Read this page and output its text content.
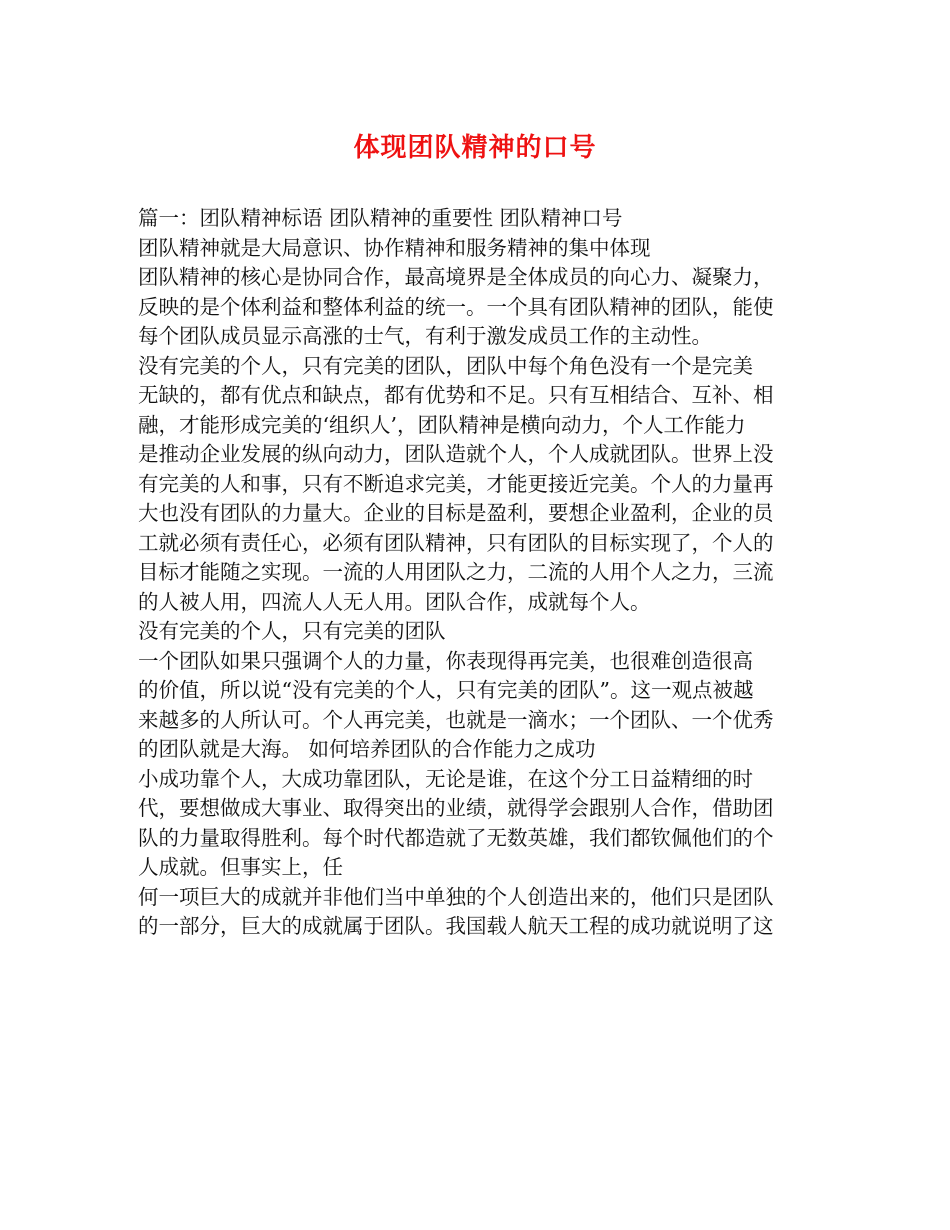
体现团队精神的口号
篇一：团队精神标语 团队精神的重要性 团队精神口号
团队精神就是大局意识、协作精神和服务精神的集中体现
团队精神的核心是协同合作，最高境界是全体成员的向心力、凝聚力，
反映的是个体利益和整体利益的统一。一个具有团队精神的团队，能使
每个团队成员显示高涨的士气，有利于激发成员工作的主动性。
没有完美的个人，只有完美的团队，团队中每个角色没有一个是完美
无缺的，都有优点和缺点，都有优势和不足。只有互相结合、互补、相
融，才能形成完美的‘组织人’，团队精神是横向动力，个人工作能力
是推动企业发展的纵向动力，团队造就个人，个人成就团队。世界上没
有完美的人和事，只有不断追求完美，才能更接近完美。个人的力量再
大也没有团队的力量大。企业的目标是盈利，要想企业盈利，企业的员
工就必须有责任心，必须有团队精神，只有团队的目标实现了，个人的
目标才能随之实现。一流的人用团队之力，二流的人用个人之力，三流
的人被人用，四流人人无人用。团队合作，成就每个人。
没有完美的个人，只有完美的团队
一个团队如果只强调个人的力量，你表现得再完美，也很难创造很高
的价值，所以说“没有完美的个人，只有完美的团队”。这一观点被越
来越多的人所认可。个人再完美，也就是一滴水；一个团队、一个优秀
的团队就是大海。 如何培养团队的合作能力之成功
小成功靠个人，大成功靠团队，无论是谁，在这个分工日益精细的时
代，要想做成大事业、取得突出的业绩，就得学会跟别人合作，借助团
队的力量取得胜利。每个时代都造就了无数英雄，我们都钦佩他们的个
人成就。但事实上，任
何一项巨大的成就并非他们当中单独的个人创造出来的，他们只是团队
的一部分，巨大的成就属于团队。我国载人航天工程的成功就说明了这
